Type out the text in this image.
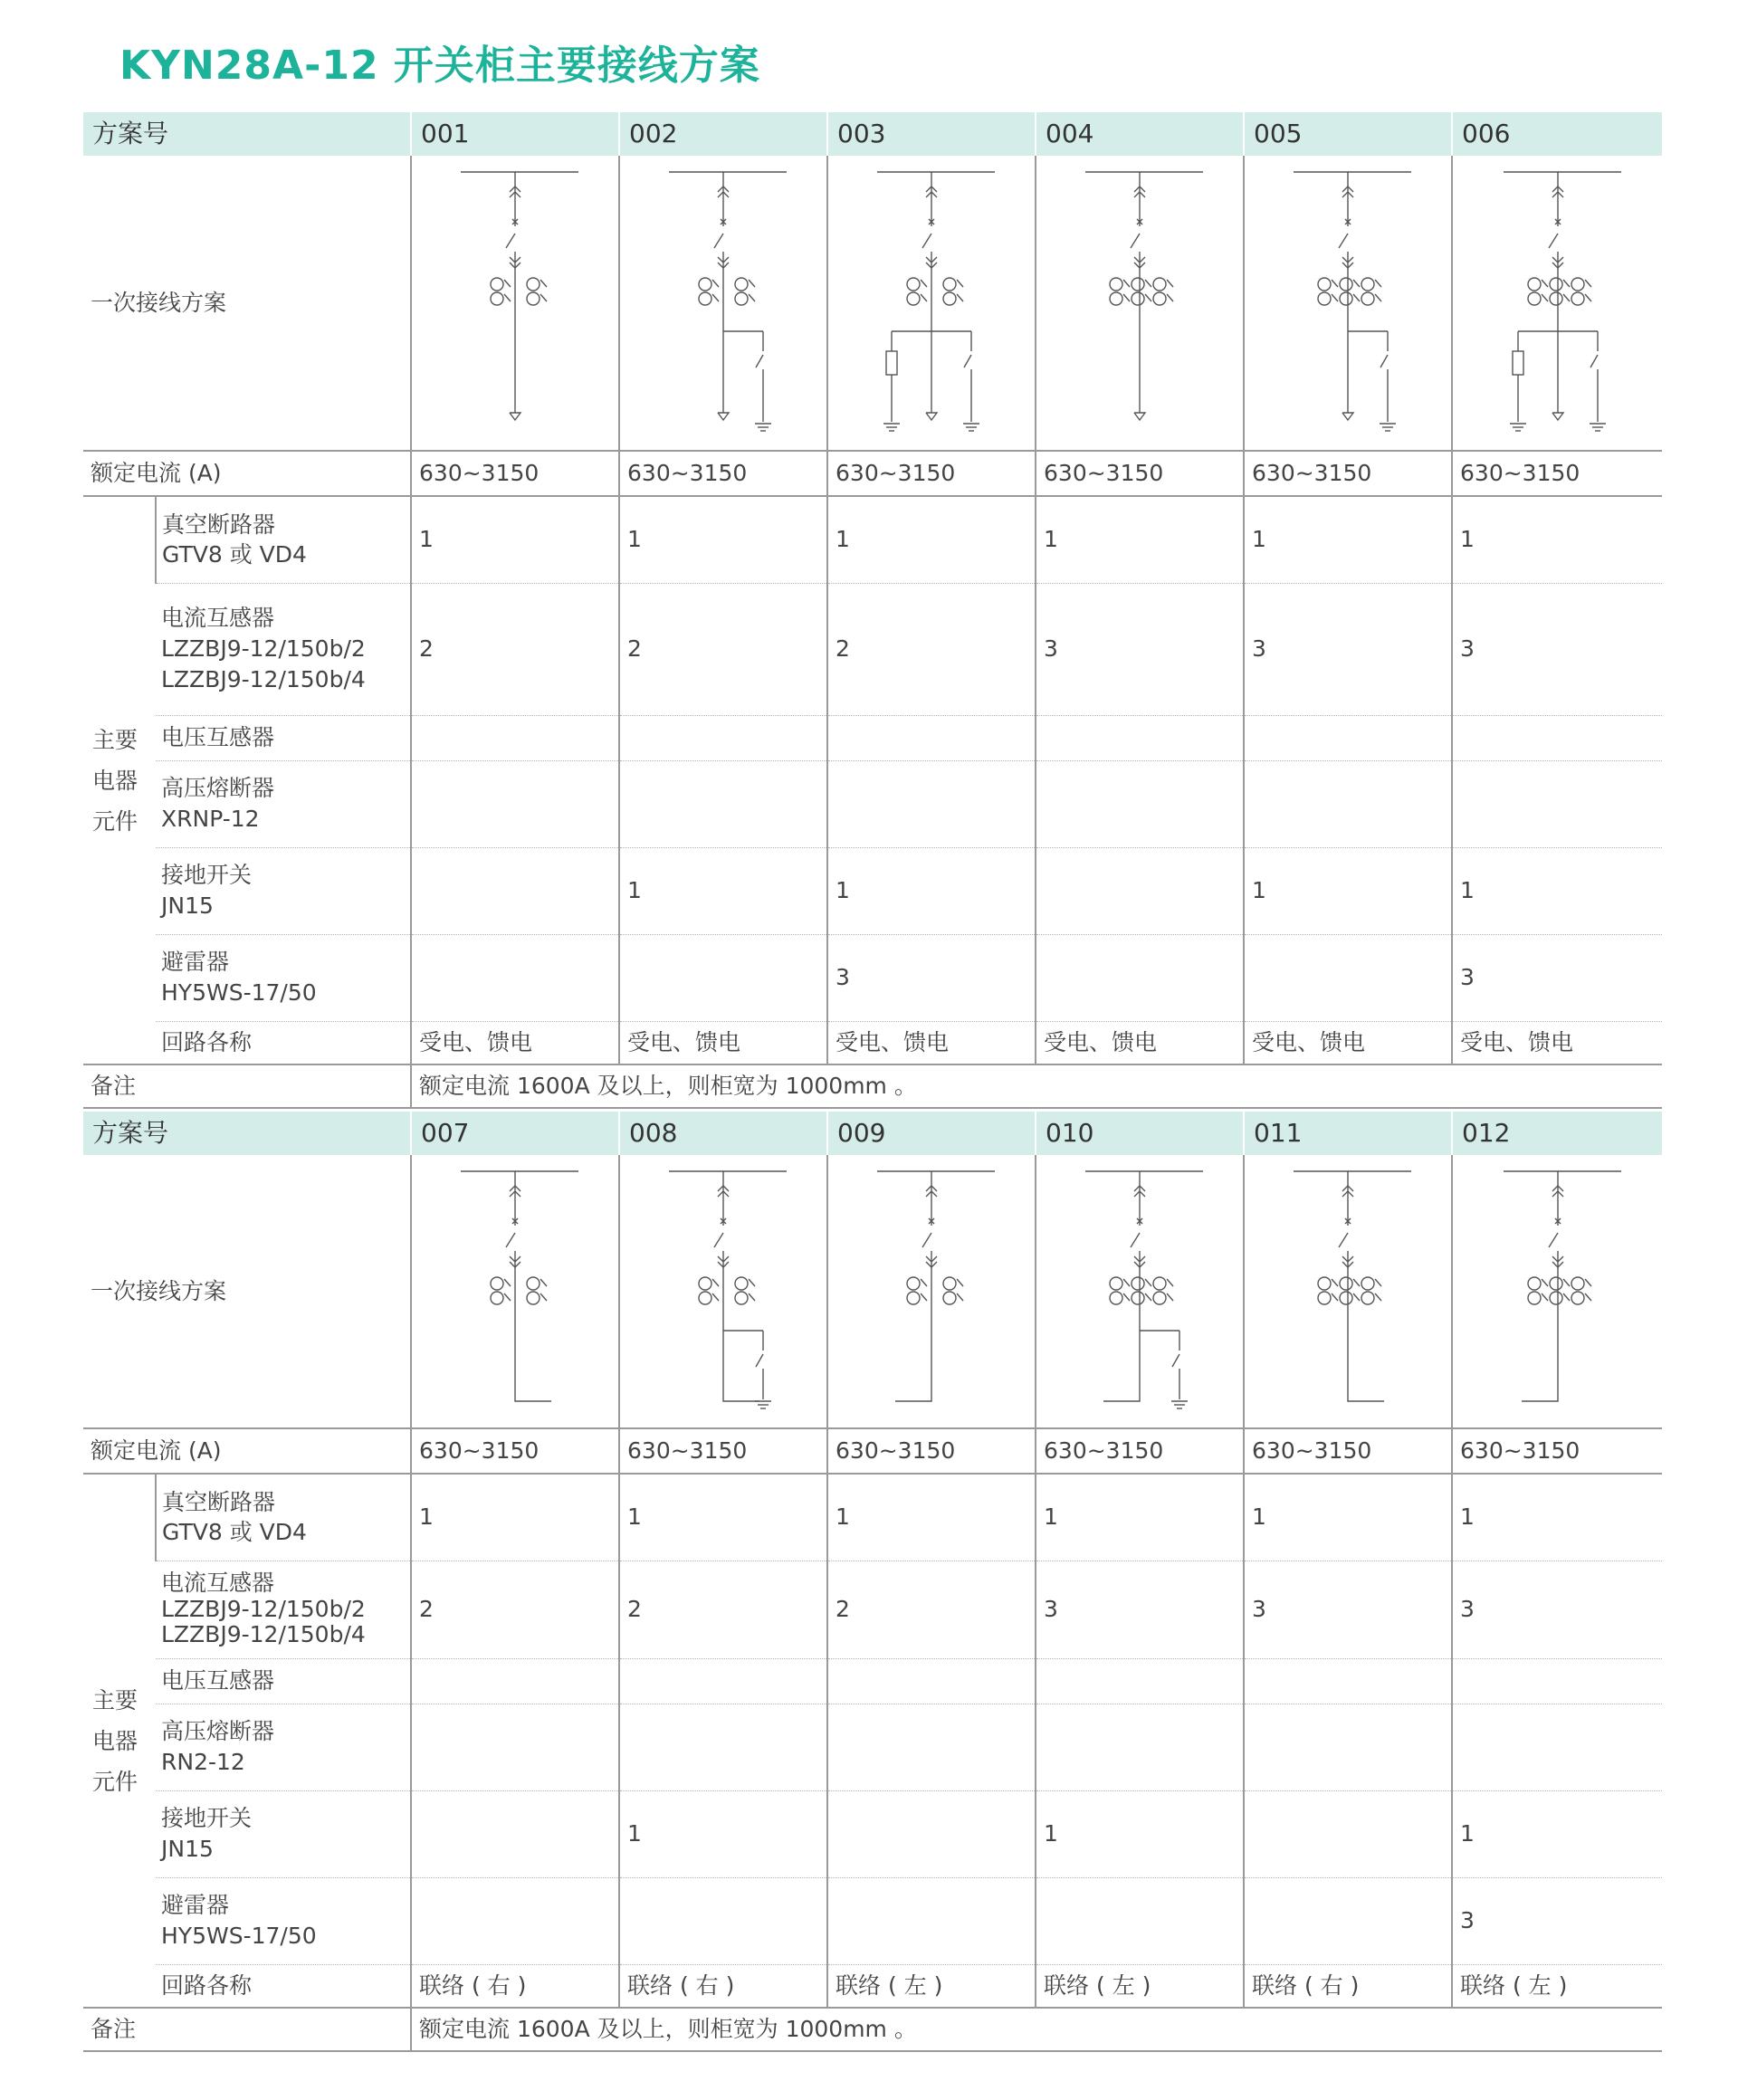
KYN28A-12 开关柜主要接线方案
方案号		001	002	003	004	005	006
一次接线方案	

额定电流 (A)		630~3150	630~3150	630~3150	630~3150	630~3150	630~3150

主要电器元件	真空断路器
GTV8 或 VD4	1	1	1	1	1	1

	电流互感器
LZZBJ9-12/150b/2
LZZBJ9-12/150b/4	2	2	2	3	3	3

	电压互感器						

	高压熔断器
XRNP-12						

	接地开关
JN15		1	1		1	1

	避雷器
HY5WS-17/50			3			3
	回路各称	受电、馈电	受电、馈电	受电、馈电	受电、馈电	受电、馈电	受电、馈电
备注		额定电流 1600A 及以上，则柜宽为 1000mm 。					
方案号		007	008	009	010	011	012
一次接线方案	

额定电流 (A)		630~3150	630~3150	630~3150	630~3150	630~3150	630~3150

主要电器元件	真空断路器
GTV8 或 VD4	1	1	1	1	1	1

	电流互感器
LZZBJ9-12/150b/2
LZZBJ9-12/150b/4	2	2	2	3	3	3

	电压互感器						

	高压熔断器
RN2-12						

	接地开关
JN15		1		1		1

	避雷器
HY5WS-17/50						3
	回路各称	联络 ( 右 )	联络 ( 右 )	联络 ( 左 )	联络 ( 左 )	联络 ( 右 )	联络 ( 左 )
备注		额定电流 1600A 及以上，则柜宽为 1000mm 。					
